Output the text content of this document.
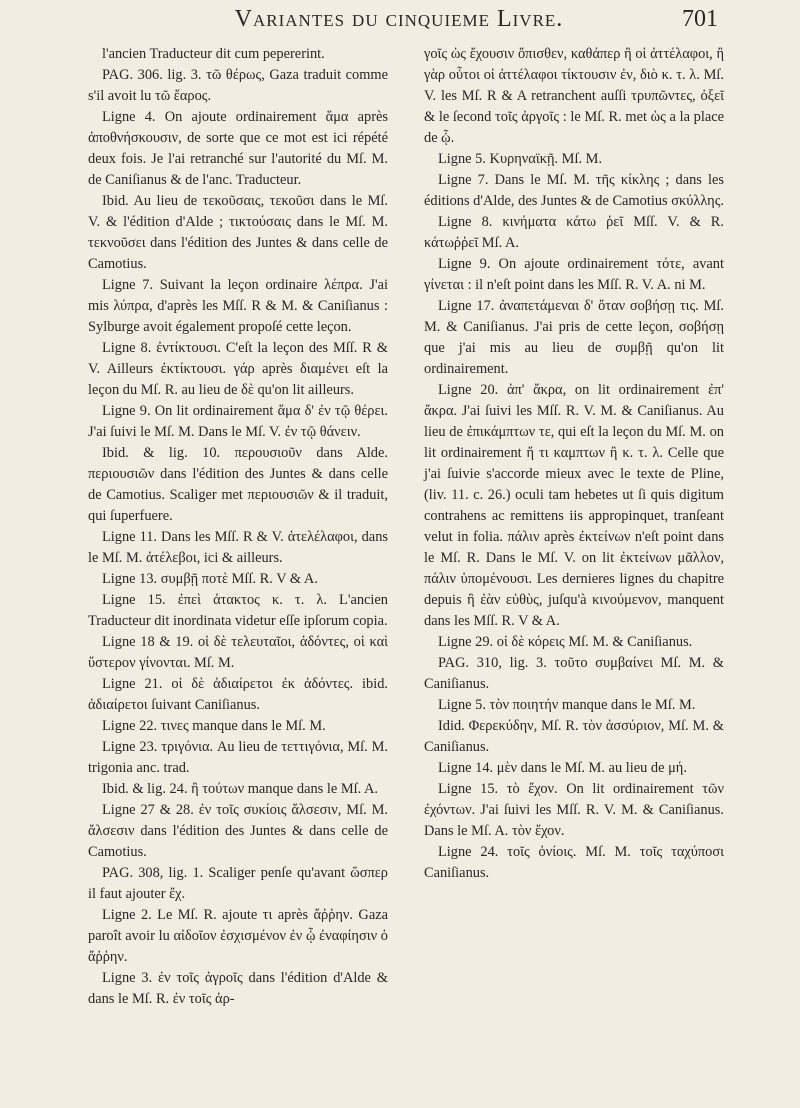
Variantes du cinquieme Livre.	701

l'ancien Traducteur dit cum pepererint.

PAG. 306. lig. 3. τῶ θέρως, Gaza traduit comme s'il avoit lu τῶ ἔαρος.

Ligne 4. On ajoute ordinairement ἅμα après ἀποθνήσκουσιν, de sorte que ce mot est ici répété deux fois. Je l'ai retranché sur l'autorité du Mſ. M. de Caniſianus & de l'anc. Traducteur.

Ibid. Au lieu de τεκοῦσαις, τεκοῦσι dans le Mſ. V. & l'édition d'Alde ; τικτούσαις dans le Mſ. M. τεκνοῦσει dans l'édition des Juntes & dans celle de Camotius.

Ligne 7. Suivant la leçon ordinaire λέπρα. J'ai mis λύπρα, d'après les Mſſ. R & M. & Caniſianus : Sylburge avoit également propoſé cette leçon.

Ligne 8. ἐντίκτουσι. C'eſt la leçon des Mſſ. R & V. Ailleurs ἐκτίκτουσι. γάρ après διαμένει eſt la leçon du Mſ. R. au lieu de δὲ qu'on lit ailleurs.

Ligne 9. On lit ordinairement ἅμα δ' ἐν τῷ θέρει. J'ai ſuivi le Mſ. M. Dans le Mſ. V. ἐν τῷ θάνειν.

Ibid. & lig. 10. περουσιοῦν dans Alde. περιουσιῶν dans l'édition des Juntes & dans celle de Camotius. Scaliger met περιουσιῶν & il traduit, qui ſuperfuere.

Ligne 11. Dans les Mſſ. R & V. ἀτελέλαφοι, dans le Mſ. M. ἀτέλεβοι, ici & ailleurs.

Ligne 13. συμβῇ ποτὲ Mſſ. R. V & A.

Ligne 15. ἐπεὶ ἀτακτος κ. τ. λ. L'ancien Traducteur dit inordinata videtur eſſe ipſorum copia.

Ligne 18 & 19. οἱ δὲ τελευταῖοι, ἀδόντες, οἱ καὶ ὕστερον γίνονται. Mſ. M.

Ligne 21. οἱ δὲ ἀδιαίρετοι ἐκ ἀδόντες. ibid. ἀδιαίρετοι ſuivant Caniſianus.

Ligne 22. τινες manque dans le Mſ. M.

Ligne 23. τριγόνια. Au lieu de τεττιγόνια, Mſ. M. trigonia anc. trad.

Ibid. & lig. 24. ἢ τούτων manque dans le Mſ. A.

Ligne 27 & 28. ἐν τοῖς συκίοις ἄλσεσιν, Mſ. M. ἄλσεσιν dans l'édition des Juntes & dans celle de Camotius.

PAG. 308, lig. 1. Scaliger penſe qu'avant ὥσπερ il faut ajouter ἔχ.

Ligne 2. Le Mſ. R. ajoute τι après ἄῤῥην. Gaza paroît avoir lu αἰδοῖον ἐσχισμένον ἐν ᾧ ἐναφίησιν ὁ ἄῤῥην.

Ligne 3. ἐν τοῖς ἀγροῖς dans l'édition d'Alde & dans le Mſ. R. ἐν τοῖς ἀρ-

γοῖς ὡς ἔχουσιν ὄπισθεν, καθάπερ ἢ οἱ ἀττέλαφοι, ἢ γὰρ οὗτοι οἱ ἀττέλαφοι τίκτουσιν ἐν, διὸ κ. τ. λ. Mſ. V. les Mſ. R & A retranchent auſſi τρυπῶντες, ὀξεῖ & le ſecond τοῖς ἀργοῖς : le Mſ. R. met ὡς a la place de ᾧ.

Ligne 5. Κυρηναϊκῇ. Mſ. M.

Ligne 7. Dans le Mſ. M. τῆς κίκλης ; dans les éditions d'Alde, des Juntes & de Camotius σκύλλης.

Ligne 8. κινήματα κάτω ῥεῖ Mſſ. V. & R. κάτωῤῥεῖ Mſ. A.

Ligne 9. On ajoute ordinairement τότε, avant γίνεται : il n'eſt point dans les Mſſ. R. V. A. ni M.

Ligne 17. ἀναπετάμεναι δ' ὅταν σοβήσῃ τις. Mſ. M. & Caniſianus. J'ai pris de cette leçon, σοβήσῃ que j'ai mis au lieu de συμβῇ qu'on lit ordinairement.

Ligne 20. ἀπ' ἄκρα, on lit ordinairement ἐπ' ἄκρα. J'ai ſuivi les Mſſ. R. V. M. & Caniſianus. Au lieu de ἐπικάμπτων τε, qui eſt la leçon du Mſ. M. on lit ordinairement ἤ τι καμπτων ἢ κ. τ. λ. Celle que j'ai ſuivie s'accorde mieux avec le texte de Pline, (liv. 11. c. 26.) oculi tam hebetes ut ſi quis digitum contrahens ac remittens iis appropinquet, tranſeant velut in folia. πάλιν après ἐκτείνων n'eſt point dans le Mſ. R. Dans le Mſ. V. on lit ἐκτείνων μᾶλλον, πάλιν ὑπομένουσι. Les dernieres lignes du chapitre depuis ἢ ἐὰν εὐθὺς, juſqu'à κινούμενον, manquent dans les Mſſ. R. V & A.

Ligne 29. οἱ δὲ κόρεις Mſ. M. & Caniſianus.

PAG. 310, lig. 3. τοῦτο συμβαίνει Mſ. M. & Caniſianus.

Ligne 5. τὸν ποιητήν manque dans le Mſ. M.

Idid. Φερεκύδην, Mſ. R. τὸν ἀσσύριον, Mſ. M. & Caniſianus.

Ligne 14. μὲν dans le Mſ. M. au lieu de μή.

Ligne 15. τὸ ἔχον. On lit ordinairement τῶν ἐχόντων. J'ai ſuivi les Mſſ. R. V. M. & Caniſianus. Dans le Mſ. A. τὸν ἔχον.

Ligne 24. τοῖς ὀνίοις. Mſ. M. τοῖς ταχύποσι Caniſianus.
